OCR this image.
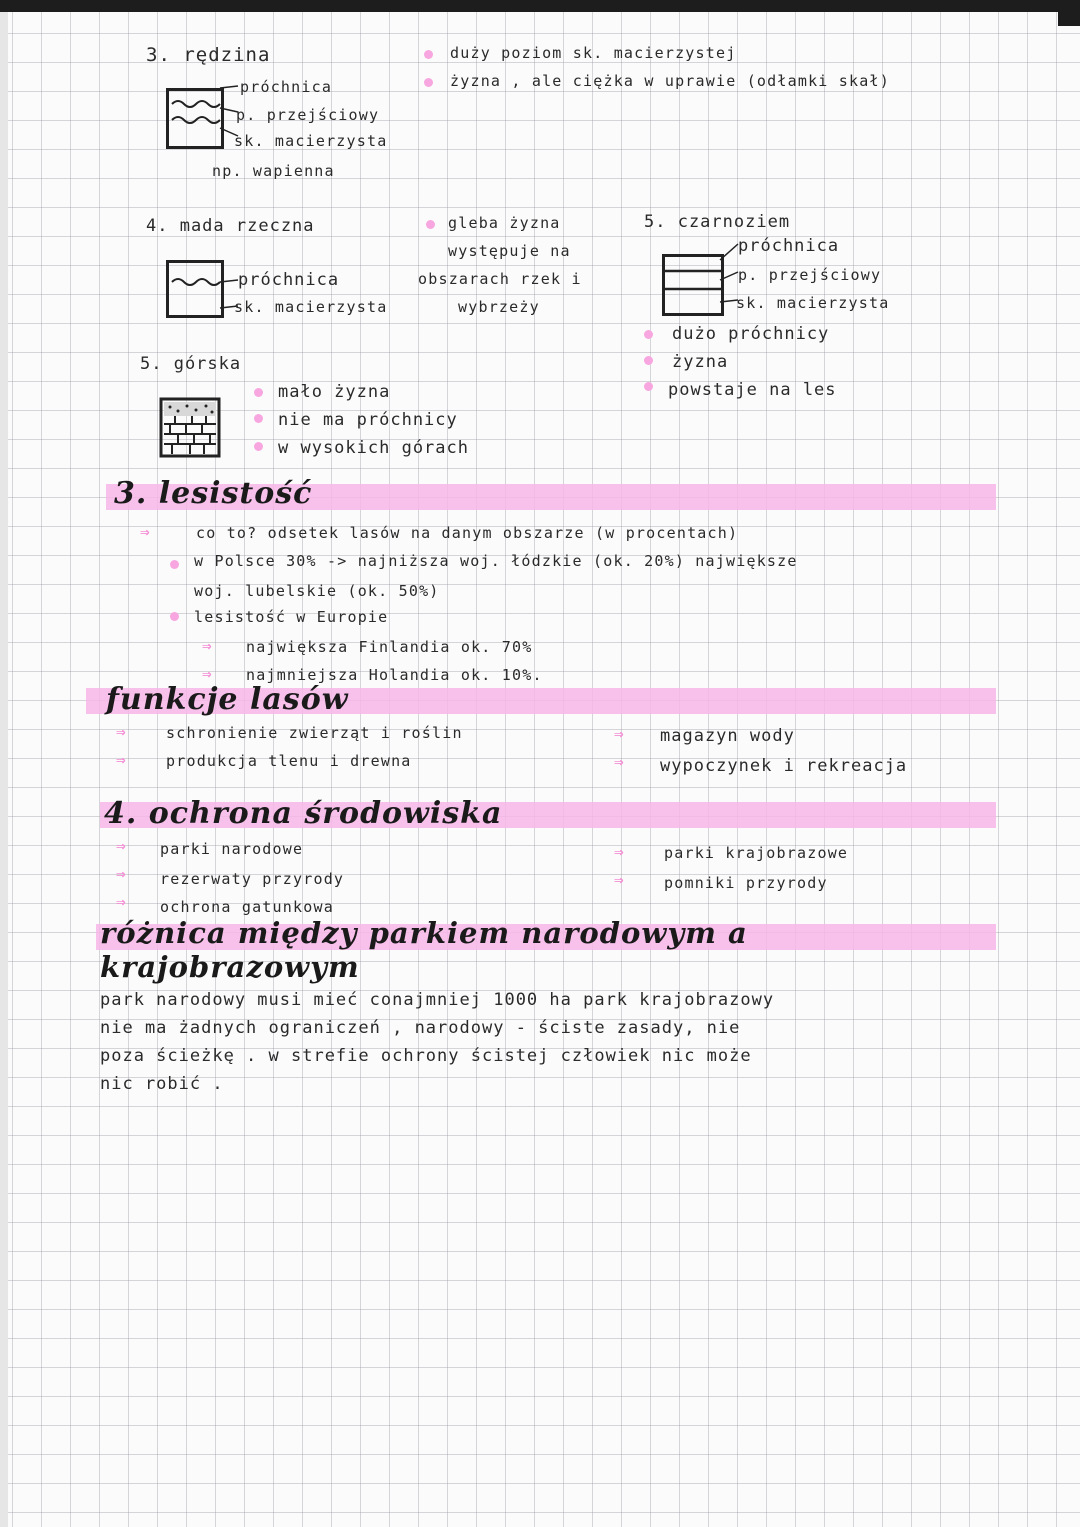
3. rędzina
próchnica
p. przejściowy
sk. macierzysta
np. wapienna
duży poziom sk. macierzystej
żyzna , ale ciężka w uprawie (odłamki skał)
4. mada rzeczna
próchnica
sk. macierzysta
gleba żyzna
występuje na
obszarach rzek i
wybrzeży
5. czarnoziem
próchnica
p. przejściowy
sk. macierzysta
dużo próchnicy
żyzna
powstaje na les
5. górska
mało żyzna
nie ma próchnicy
w wysokich górach
3. lesistość
⇒	co to? odsetek lasów na danym obszarze (w procentach)
w Polsce 30% -> najniższa woj. łódzkie (ok. 20%) największe
woj. lubelskie (ok. 50%)
lesistość w Europie
⇒ największa Finlandia ok. 70%
⇒ najmniejsza Holandia ok. 10%.
funkcje lasów
⇒
⇒
schronienie zwierząt i roślin
produkcja tlenu i drewna
⇒
⇒
magazyn wody
wypoczynek i rekreacja
4. ochrona środowiska
⇒
⇒
⇒
parki narodowe
rezerwaty przyrody
ochrona gatunkowa
⇒
⇒
parki krajobrazowe
pomniki przyrody
różnica między parkiem narodowym a
krajobrazowym
park narodowy musi mieć conajmniej 1000 ha park krajobrazowy
nie ma żadnych ograniczeń , narodowy - ściste zasady, nie
poza ścieżkę . w strefie ochrony ścistej człowiek nic może
nic robić .
